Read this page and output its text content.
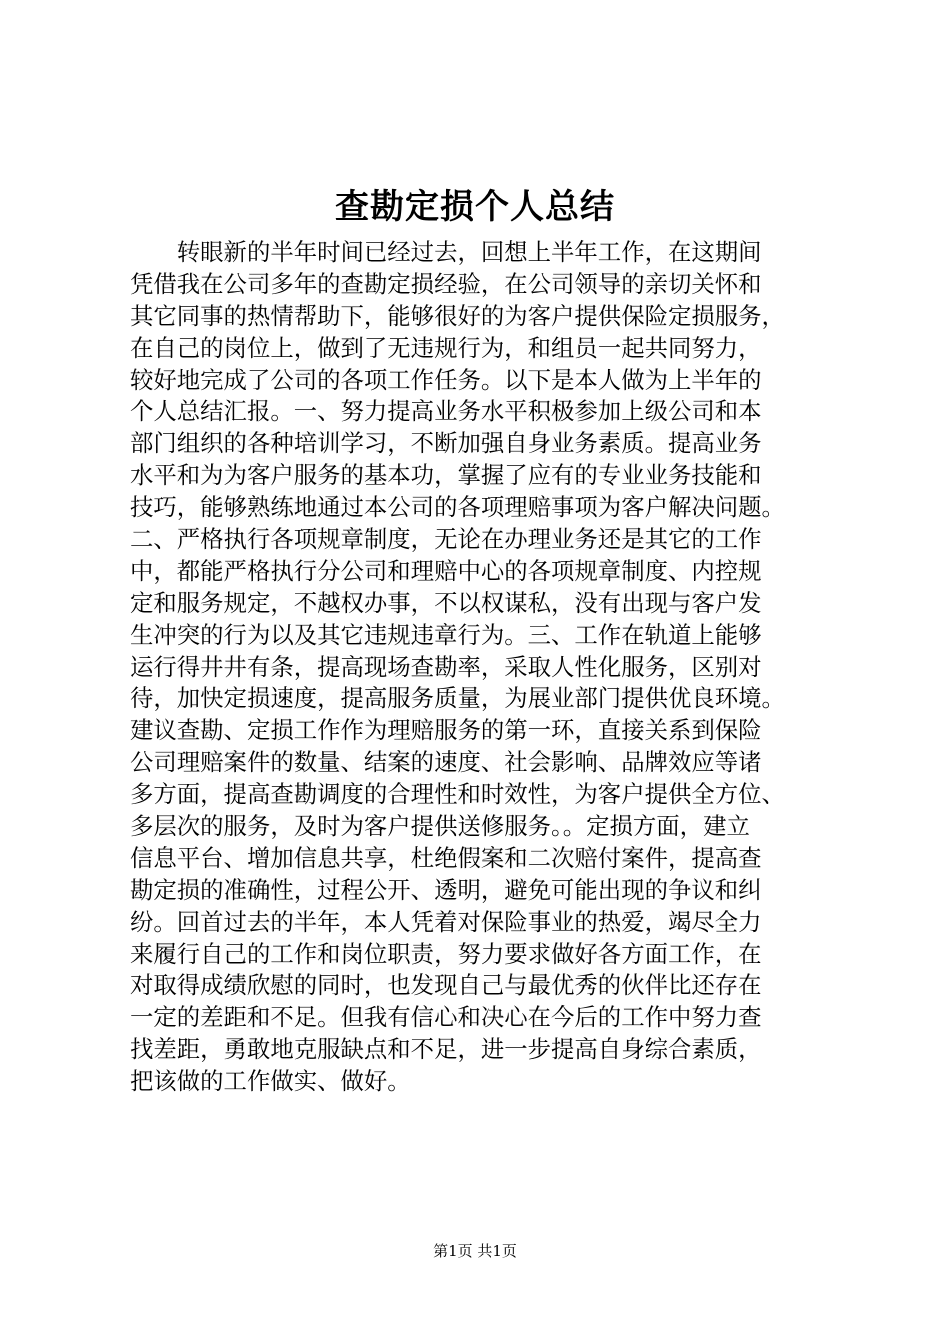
查勘定损个人总结
　　转眼新的半年时间已经过去，回想上半年工作，在这期间
凭借我在公司多年的查勘定损经验，在公司领导的亲切关怀和
其它同事的热情帮助下，能够很好的为客户提供保险定损服务，
在自己的岗位上，做到了无违规行为，和组员一起共同努力，
较好地完成了公司的各项工作任务。以下是本人做为上半年的
个人总结汇报。一、努力提高业务水平积极参加上级公司和本
部门组织的各种培训学习，不断加强自身业务素质。提高业务
水平和为为客户服务的基本功，掌握了应有的专业业务技能和
技巧，能够熟练地通过本公司的各项理赔事项为客户解决问题。
二、严格执行各项规章制度，无论在办理业务还是其它的工作
中，都能严格执行分公司和理赔中心的各项规章制度、内控规
定和服务规定，不越权办事，不以权谋私，没有出现与客户发
生冲突的行为以及其它违规违章行为。三、工作在轨道上能够
运行得井井有条，提高现场查勘率，采取人性化服务，区别对
待，加快定损速度，提高服务质量，为展业部门提供优良环境。
建议查勘、定损工作作为理赔服务的第一环，直接关系到保险
公司理赔案件的数量、结案的速度、社会影响、品牌效应等诸
多方面，提高查勘调度的合理性和时效性，为客户提供全方位、
多层次的服务，及时为客户提供送修服务。。定损方面，建立
信息平台、增加信息共享，杜绝假案和二次赔付案件，提高查
勘定损的准确性，过程公开、透明，避免可能出现的争议和纠
纷。回首过去的半年，本人凭着对保险事业的热爱，竭尽全力
来履行自己的工作和岗位职责，努力要求做好各方面工作，在
对取得成绩欣慰的同时，也发现自己与最优秀的伙伴比还存在
一定的差距和不足。但我有信心和决心在今后的工作中努力查
找差距，勇敢地克服缺点和不足，进一步提高自身综合素质，
把该做的工作做实、做好。
第1页 共1页
